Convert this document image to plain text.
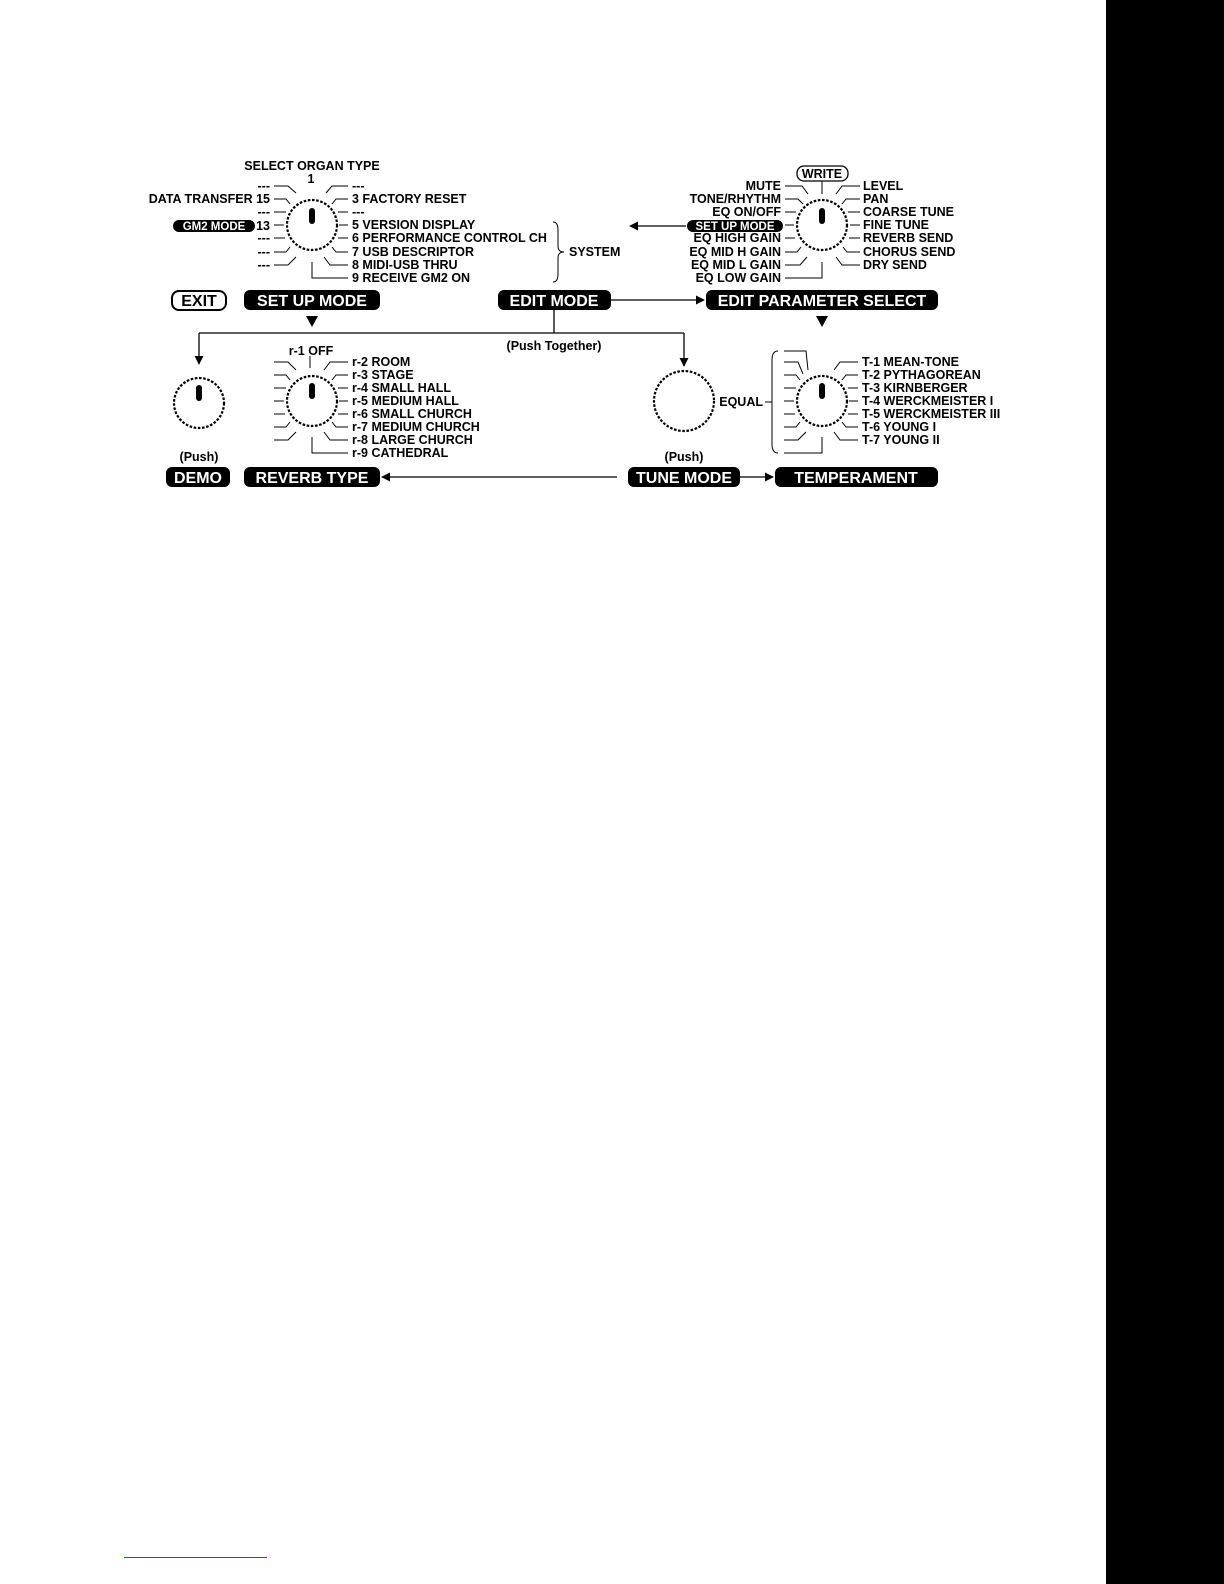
SELECT ORGAN TYPE
1
---
DATA TRANSFER 15
---
GM2 MODE 13
---
---
---
---
3 FACTORY RESET
---
5 VERSION DISPLAY
6 PERFORMANCE CONTROL CH
7 USB DESCRIPTOR
8 MIDI-USB THRU
9 RECEIVE GM2 ON
SYSTEM
WRITE
MUTE
TONE/RHYTHM
EQ ON/OFF
SET UP MODE
EQ HIGH GAIN
EQ MID H GAIN
EQ MID L GAIN
EQ LOW GAIN
LEVEL
PAN
COARSE TUNE
FINE TUNE
REVERB SEND
CHORUS SEND
DRY SEND
EXIT	SET UP MODE	EDIT MODE	EDIT PARAMETER SELECT
(Push Together)
(Push)
r-1 OFF
r-2 ROOM
r-3 STAGE
r-4 SMALL HALL
r-5 MEDIUM HALL
r-6 SMALL CHURCH
r-7 MEDIUM CHURCH
r-8 LARGE CHURCH
r-9 CATHEDRAL	(Push)
EQUAL
T-1 MEAN-TONE
T-2 PYTHAGOREAN
T-3 KIRNBERGER
T-4 WERCKMEISTER I
T-5 WERCKMEISTER III
T-6 YOUNG I
T-7 YOUNG II
DEMO REVERB TYPE	TUNE MODE	TEMPERAMENT
